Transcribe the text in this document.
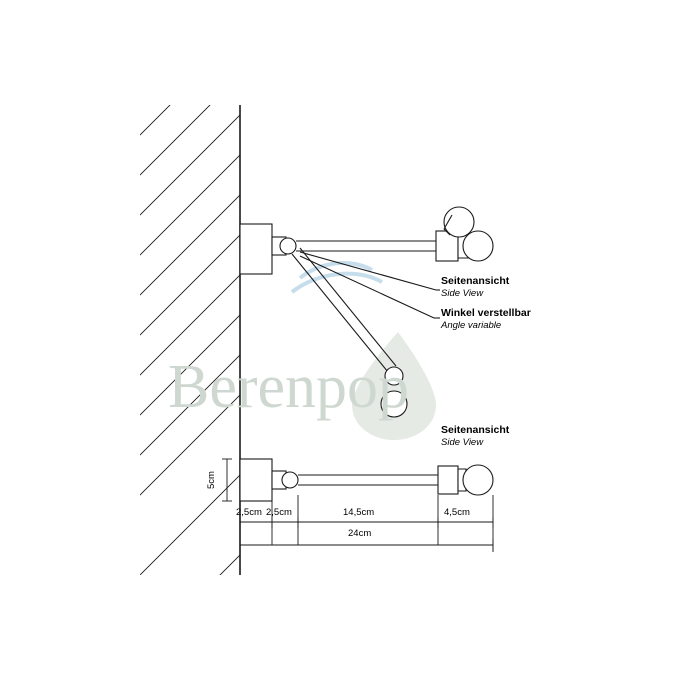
Berenpop
Seitenansicht
Side View
Winkel verstellbar
Angle variable
Seitenansicht
Side View
5cm
2,5cm 2,5cm	14,5cm	4,5cm
24cm
